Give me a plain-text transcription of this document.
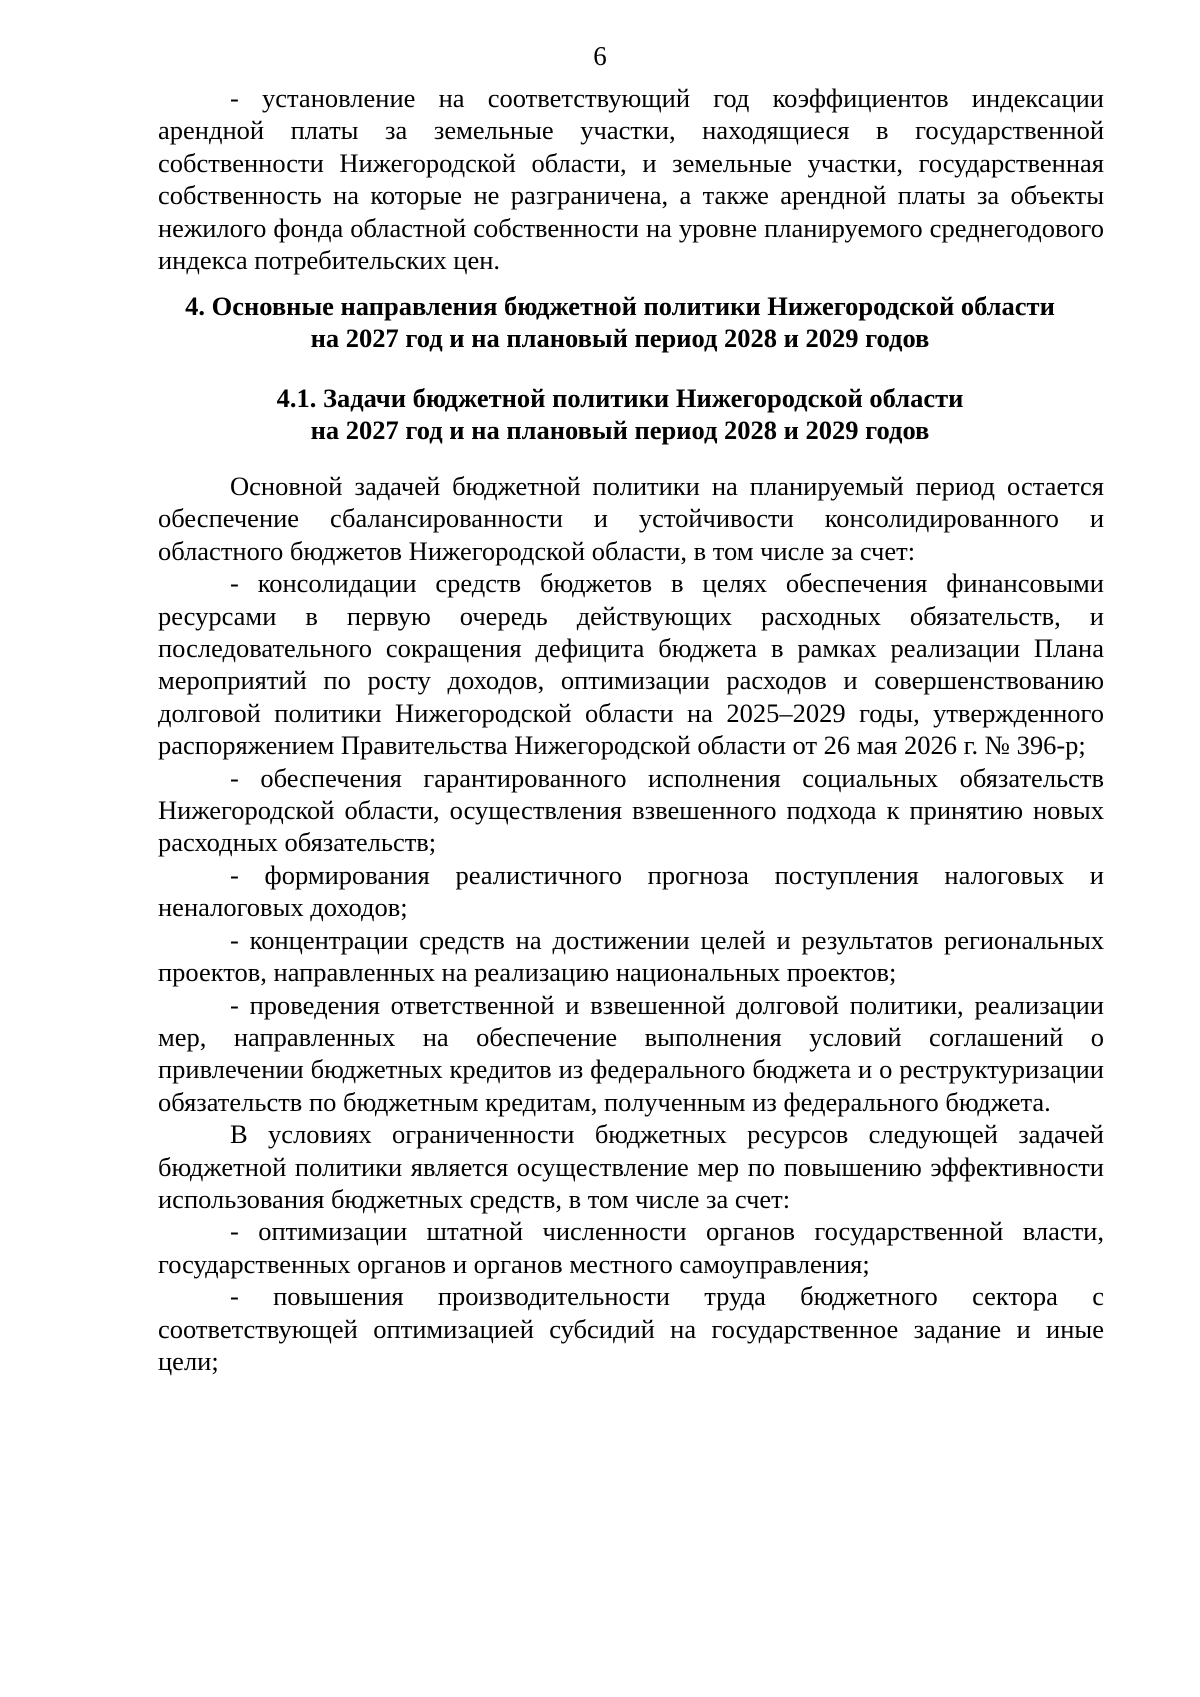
6

- установление на соответствующий год коэффициентов индексации арендной платы за земельные участки, находящиеся в государственной собственности Нижегородской области, и земельные участки, государственная собственность на которые не разграничена, а также арендной платы за объекты нежилого фонда областной собственности на уровне планируемого среднегодового индекса потребительских цен.

4. Основные направления бюджетной политики Нижегородской области
на 2027 год и на плановый период 2028 и 2029 годов
4.1. Задачи бюджетной политики Нижегородской области
на 2027 год и на плановый период 2028 и 2029 годов

Основной задачей бюджетной политики на планируемый период остается обеспечение сбалансированности и устойчивости консолидированного и областного бюджетов Нижегородской области, в том числе за счет:

- консолидации средств бюджетов в целях обеспечения финансовыми ресурсами в первую очередь действующих расходных обязательств, и последовательного сокращения дефицита бюджета в рамках реализации Плана мероприятий по росту доходов, оптимизации расходов и совершенствованию долговой политики Нижегородской области на 2025–2029 годы, утвержденного распоряжением Правительства Нижегородской области от 26 мая 2026 г. № 396-р;

- обеспечения гарантированного исполнения социальных обязательств Нижегородской области, осуществления взвешенного подхода к принятию новых расходных обязательств;

- формирования реалистичного прогноза поступления налоговых и неналоговых доходов;

- концентрации средств на достижении целей и результатов региональных проектов, направленных на реализацию национальных проектов;

- проведения ответственной и взвешенной долговой политики, реализации мер, направленных на обеспечение выполнения условий соглашений о привлечении бюджетных кредитов из федерального бюджета и о реструктуризации обязательств по бюджетным кредитам, полученным из федерального бюджета.

В условиях ограниченности бюджетных ресурсов следующей задачей бюджетной политики является осуществление мер по повышению эффективности использования бюджетных средств, в том числе за счет:

- оптимизации штатной численности органов государственной власти, государственных органов и органов местного самоуправления;

- повышения производительности труда бюджетного сектора с соответствующей оптимизацией субсидий на государственное задание и иные цели;
